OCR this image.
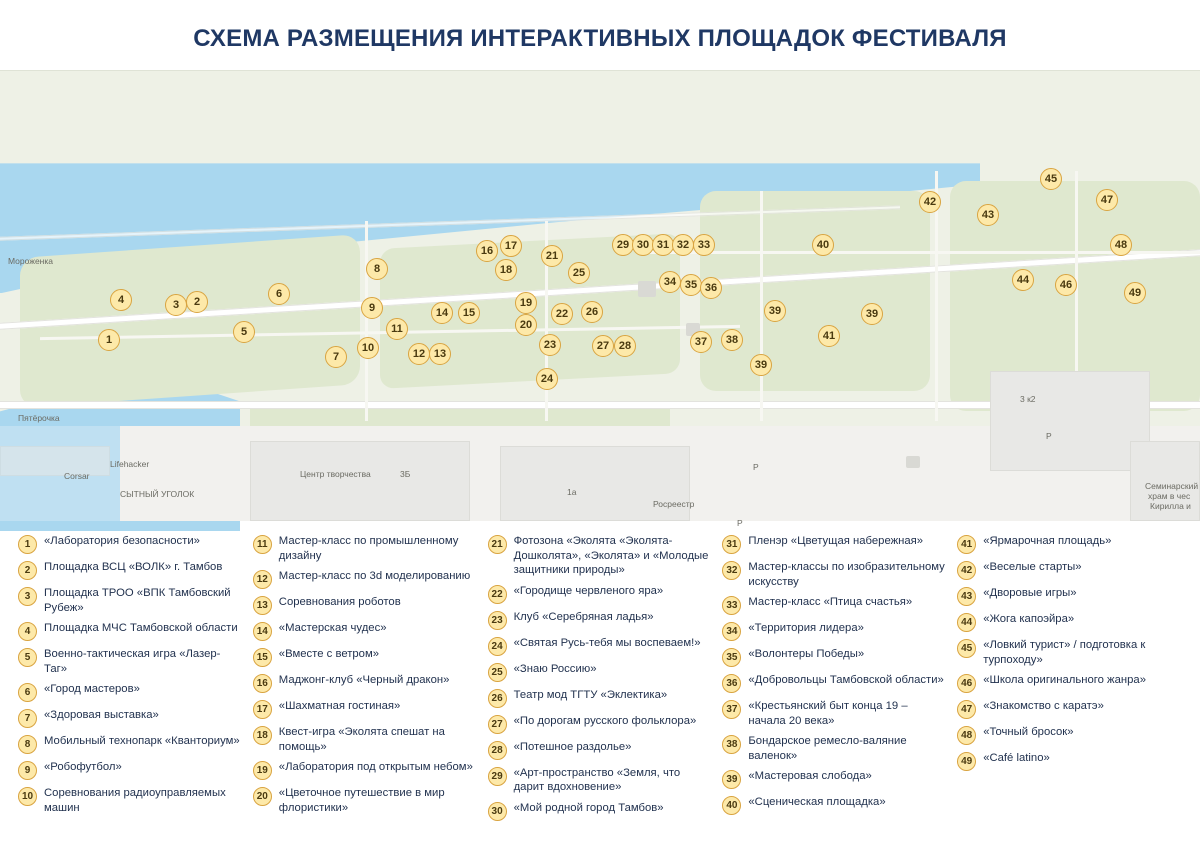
СХЕМА РАЗМЕЩЕНИЯ ИНТЕРАКТИВНЫХ ПЛОЩАДОК ФЕСТИВАЛЯ
Мороженка
Пятёрочка
Corsar
Lifehacker
СЫТНЫЙ УГОЛОК
Центр творчества	3Б
1а
Росреестр
3 к2
Семинарский
храм в чес
Кирилла и
Р
Р
Р
1
2
3
4
5
6
7
8
9
10
11
12 13
14	15
16	17
18
19
20
21
22
23
24
25
26
27 28
29 30 31 32 33
34 35 36
37	38
39	39
39
40
41
42
43
44
45
46
47
48
49
1	«Лаборатория безопасности»
2	Площадка ВСЦ «ВОЛК» г. Тамбов
3	Площадка ТРОО «ВПК Тамбовский Рубеж»
4	Площадка МЧС Тамбовской области
5	Военно-тактическая игра «Лазер-Таг»
6	«Город мастеров»
7	«Здоровая выставка»
8	Мобильный технопарк «Кванториум»
9	«Робофутбол»
10 Соревнования радиоуправляемых машин
11 Мастер-класс по промышленному дизайну
12 Мастер-класс по 3d моделированию
13 Соревнования роботов
14 «Мастерская чудес»
15 «Вместе с ветром»
16 Маджонг-клуб «Черный дракон»
17 «Шахматная гостиная»
18 Квест-игра «Эколята спешат на помощь»
19 «Лаборатория под открытым небом»
20 «Цветочное путешествие в мир флористики»
21 Фотозона «Эколята «Эколята-Дошколята», «Эколята» и «Молодые защитники природы»
22 «Городище червленого яра»
23 Клуб «Серебряная ладья»
24 «Святая Русь-тебя мы воспеваем!»
25 «Знаю Россию»
26 Театр мод ТГТУ «Эклектика»
27 «По дорогам русского фольклора»
28 «Потешное раздолье»
29 «Арт-пространство «Земля, что дарит вдохновение»
30 «Мой родной город Тамбов»
31 Пленэр «Цветущая набережная»
32 Мастер-классы по изобразительному искусству
33 Мастер-класс «Птица счастья»
34 «Территория лидера»
35 «Волонтеры Победы»
36 «Добровольцы Тамбовской области»
37 «Крестьянский быт конца 19 – начала 20 века»
38 Бондарское ремесло-валяние валенок»
39 «Мастеровая слобода»
40 «Сценическая площадка»
41 «Ярмарочная площадь»
42 «Веселые старты»
43 «Дворовые игры»
44 «Жога капоэйра»
45 «Ловкий турист» / подготовка к турпоходу»
46 «Школа оригинального жанра»
47 «Знакомство с каратэ»
48 «Точный бросок»
49 «Café latino»
